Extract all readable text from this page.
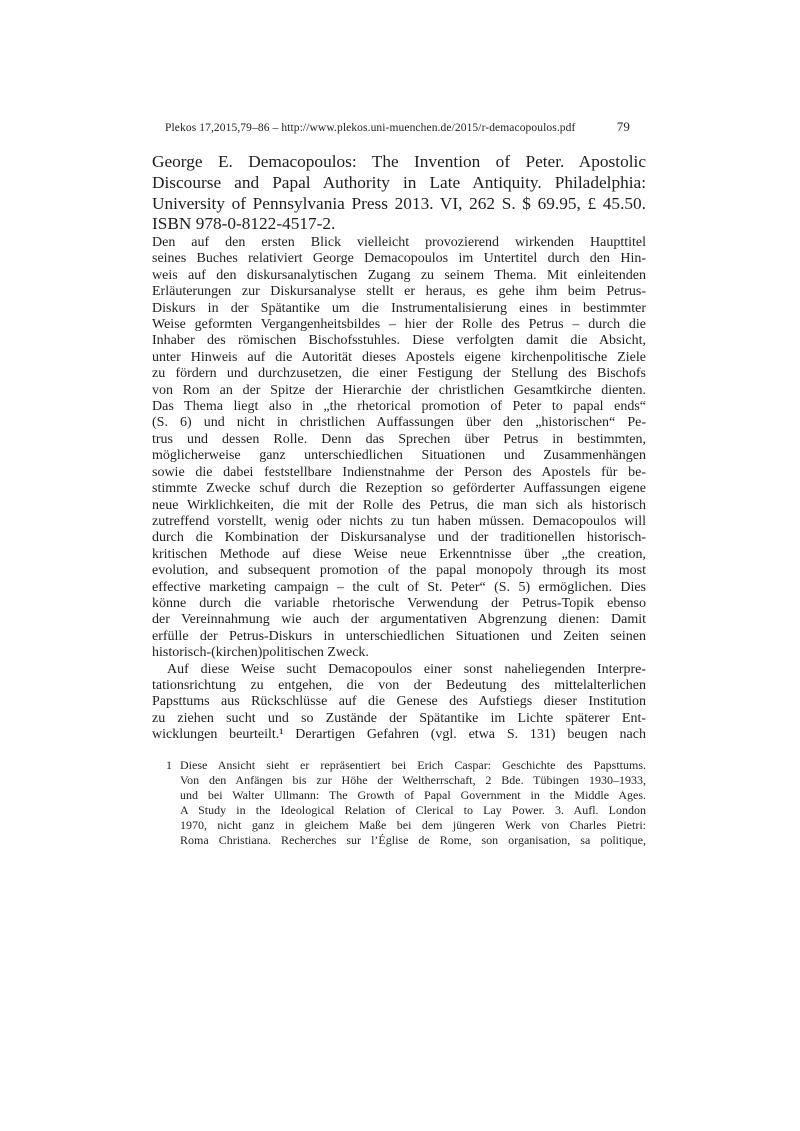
Plekos 17,2015,79–86 – http://www.plekos.uni-muenchen.de/2015/r-demacopoulos.pdf	79
George E. Demacopoulos: The Invention of Peter. Apostolic
Discourse and Papal Authority in Late Antiquity. Philadelphia:
University of Pennsylvania Press 2013. VI, 262 S. $ 69.95, £ 45.50.
ISBN 978-0-8122-4517-2.
Den auf den ersten Blick vielleicht provozierend wirkenden Haupttitel
seines Buches relativiert George Demacopoulos im Untertitel durch den Hin-
weis auf den diskursanalytischen Zugang zu seinem Thema. Mit einleitenden
Erläuterungen zur Diskursanalyse stellt er heraus, es gehe ihm beim Petrus-
Diskurs in der Spätantike um die Instrumentalisierung eines in bestimmter
Weise geformten Vergangenheitsbildes – hier der Rolle des Petrus – durch die
Inhaber des römischen Bischofsstuhles. Diese verfolgten damit die Absicht,
unter Hinweis auf die Autorität dieses Apostels eigene kirchenpolitische Ziele
zu fördern und durchzusetzen, die einer Festigung der Stellung des Bischofs
von Rom an der Spitze der Hierarchie der christlichen Gesamtkirche dienten.
Das Thema liegt also in „the rhetorical promotion of Peter to papal ends“
(S. 6) und nicht in christlichen Auffassungen über den „historischen“ Pe-
trus und dessen Rolle. Denn das Sprechen über Petrus in bestimmten,
möglicherweise ganz unterschiedlichen Situationen und Zusammenhängen
sowie die dabei feststellbare Indienstnahme der Person des Apostels für be-
stimmte Zwecke schuf durch die Rezeption so geförderter Auffassungen eigene
neue Wirklichkeiten, die mit der Rolle des Petrus, die man sich als historisch
zutreffend vorstellt, wenig oder nichts zu tun haben müssen. Demacopoulos will
durch die Kombination der Diskursanalyse und der traditionellen historisch-
kritischen Methode auf diese Weise neue Erkenntnisse über „the creation,
evolution, and subsequent promotion of the papal monopoly through its most
effective marketing campaign – the cult of St. Peter“ (S. 5) ermöglichen. Dies
könne durch die variable rhetorische Verwendung der Petrus-Topik ebenso
der Vereinnahmung wie auch der argumentativen Abgrenzung dienen: Damit
erfülle der Petrus-Diskurs in unterschiedlichen Situationen und Zeiten seinen
historisch-(kirchen)politischen Zweck.
Auf diese Weise sucht Demacopoulos einer sonst naheliegenden Interpre-
tationsrichtung zu entgehen, die von der Bedeutung des mittelalterlichen
Papsttums aus Rückschlüsse auf die Genese des Aufstiegs dieser Institution
zu ziehen sucht und so Zustände der Spätantike im Lichte späterer Ent-
wicklungen beurteilt.¹ Derartigen Gefahren (vgl. etwa S. 131) beugen nach
1 Diese Ansicht sieht er repräsentiert bei Erich Caspar: Geschichte des Papsttums.
Von den Anfängen bis zur Höhe der Weltherrschaft, 2 Bde. Tübingen 1930–1933,
und bei Walter Ullmann: The Growth of Papal Government in the Middle Ages.
A Study in the Ideological Relation of Clerical to Lay Power. 3. Aufl. London
1970, nicht ganz in gleichem Maße bei dem jüngeren Werk von Charles Pietri:
Roma Christiana. Recherches sur l’Église de Rome, son organisation, sa politique,
